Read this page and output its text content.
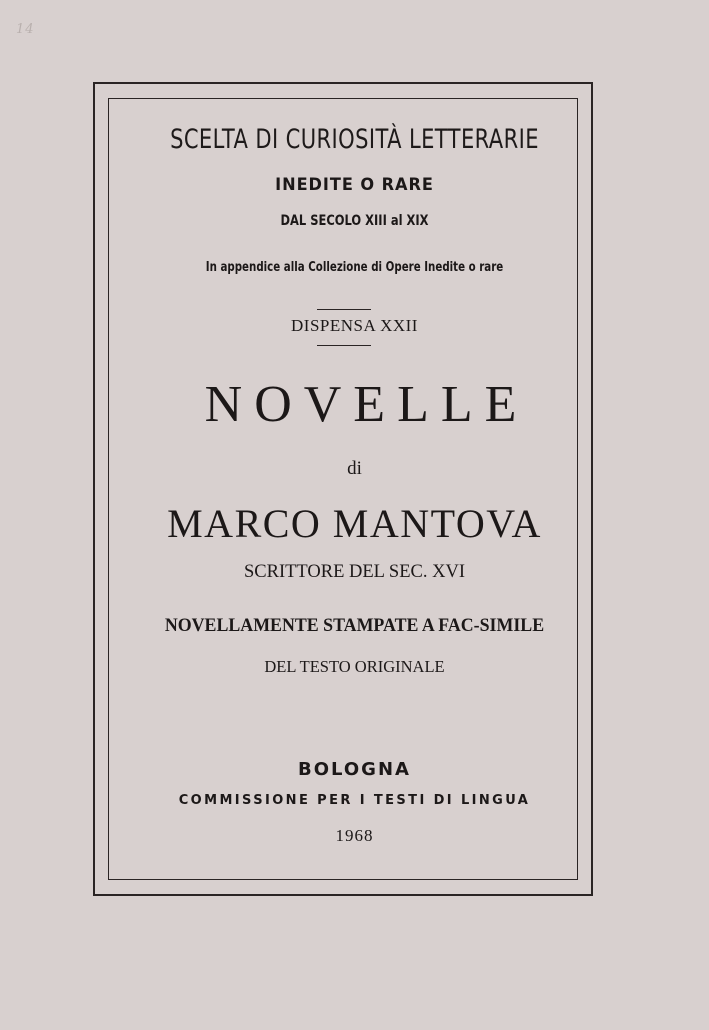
14
SCELTA DI CURIOSITÀ LETTERARIE
INEDITE O RARE
DAL SECOLO XIII al XIX
In appendice alla Collezione di Opere Inedite o rare
DISPENSA XXII
NOVELLE
di
MARCO MANTOVA
SCRITTORE DEL SEC. XVI
NOVELLAMENTE STAMPATE A FAC-SIMILE
DEL TESTO ORIGINALE
BOLOGNA
COMMISSIONE PER I TESTI DI LINGUA
1968
